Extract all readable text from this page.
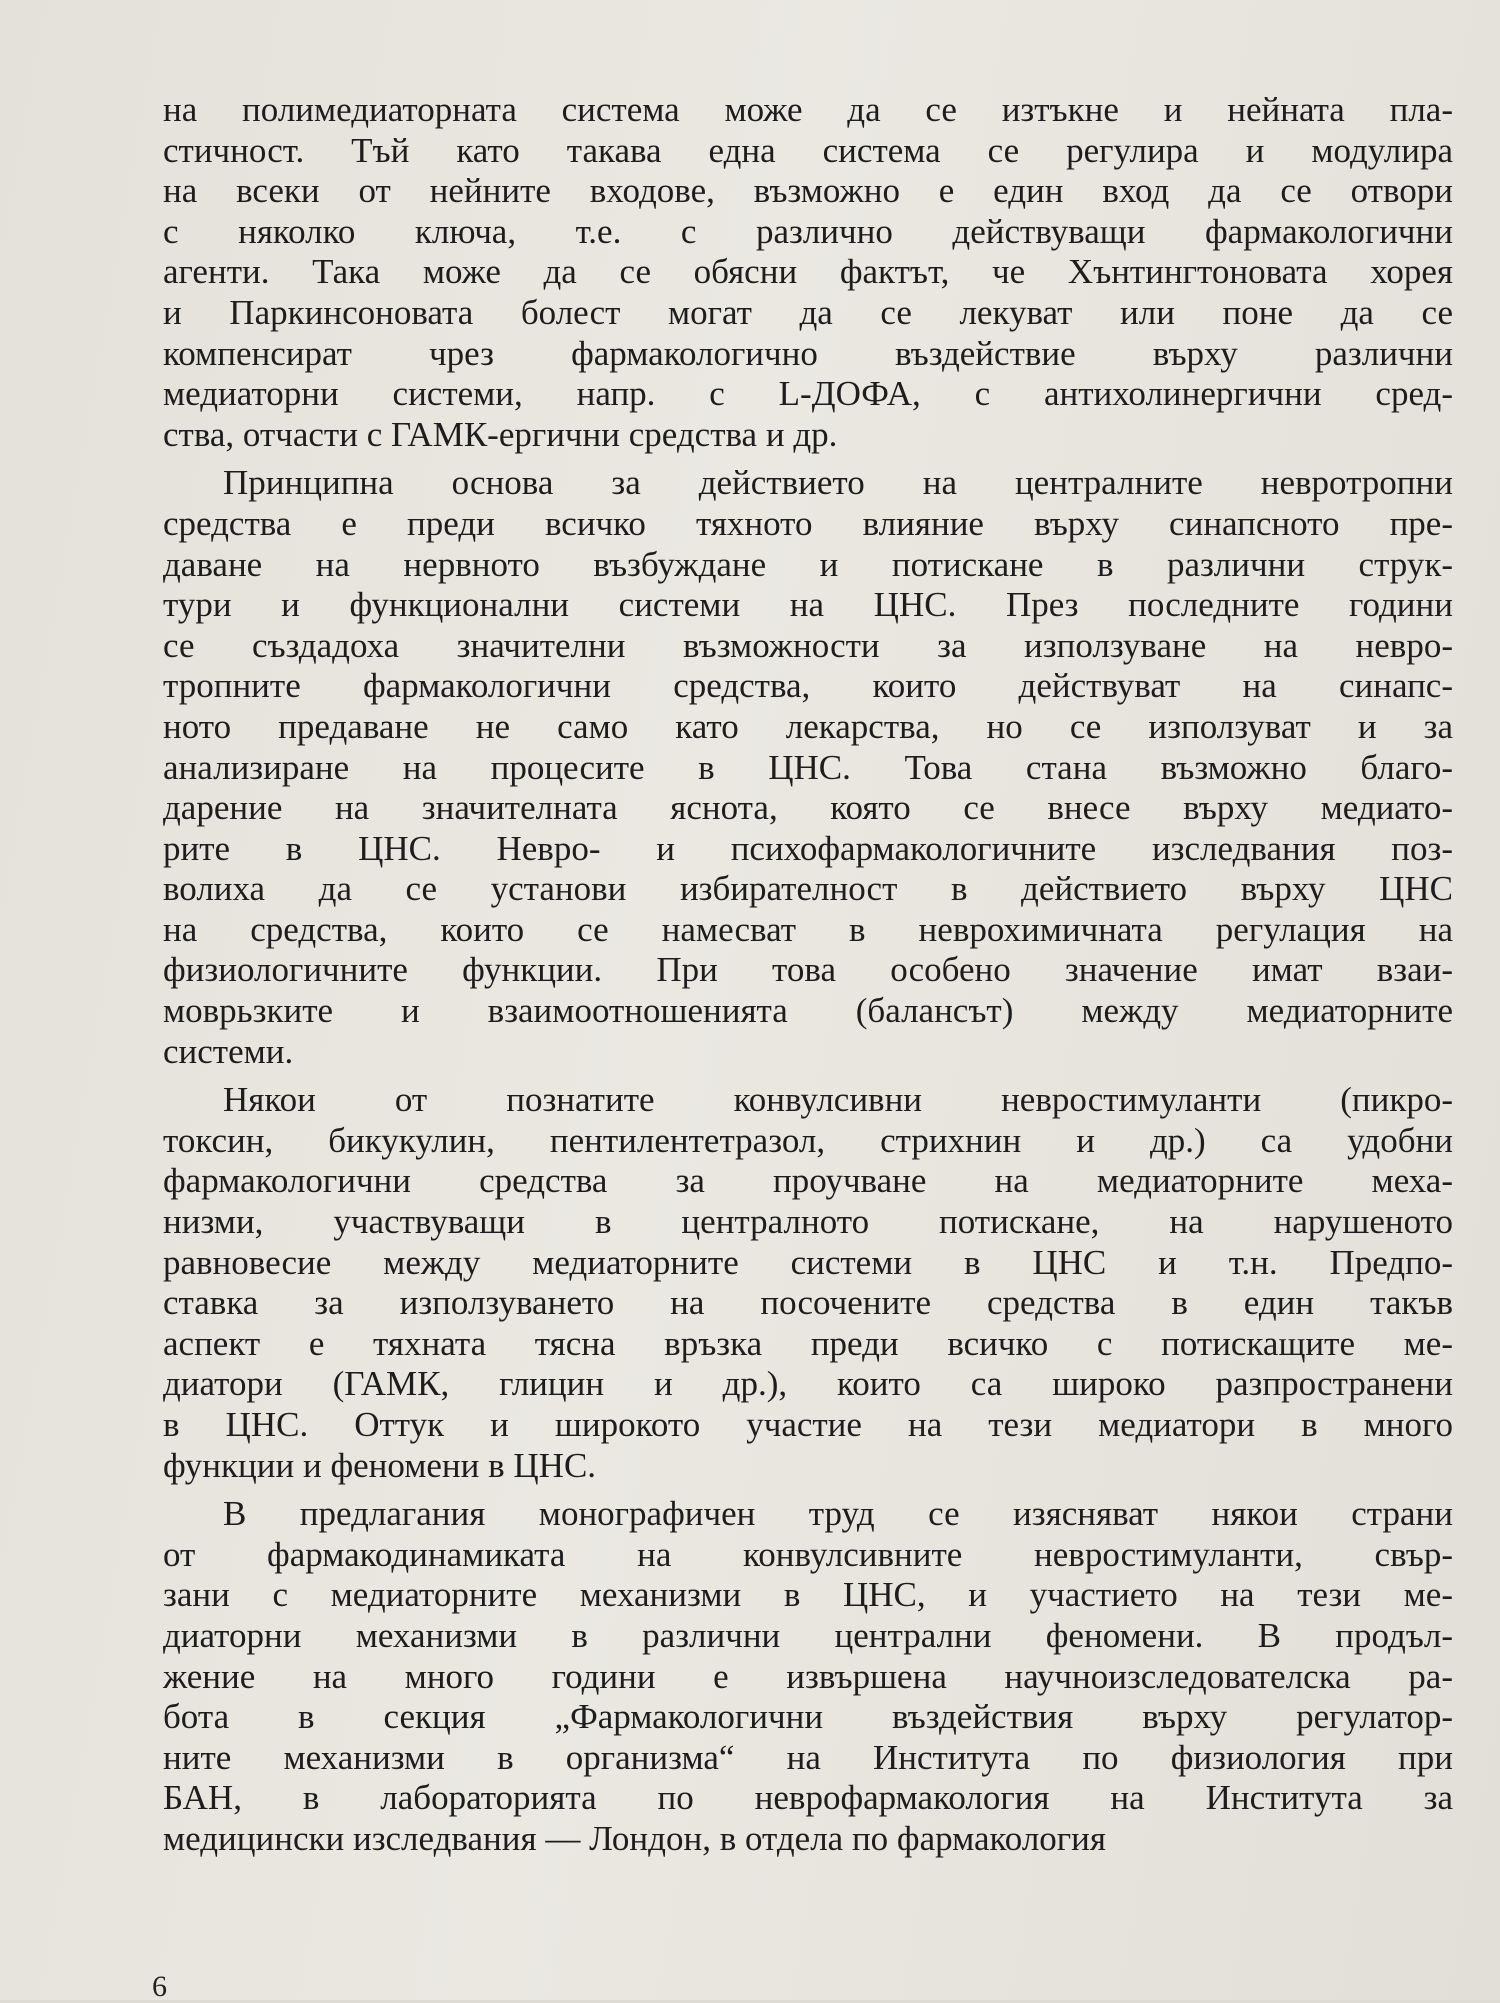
на полимедиаторната система може да се изтъкне и нейната пла-
стичност. Тъй като такава една система се регулира и модулира
на всеки от нейните входове, възможно е един вход да се отвори
с няколко ключа, т.е. с различно действуващи фармакологични
агенти. Така може да се обясни фактът, че Хънтингтоновата хорея
и Паркинсоновата болест могат да се лекуват или поне да се
компенсират чрез фармакологично въздействие върху различни
медиаторни системи, напр. с L-ДОФА, с антихолинергични сред-
ства, отчасти с ГАМК-ергични средства и др.
Принципна основа за действието на централните невротропни
средства е преди всичко тяхното влияние върху синапсното пре-
даване на нервното възбуждане и потискане в различни струк-
тури и функционални системи на ЦНС. През последните години
се създадоха значителни възможности за използуване на невро-
тропните фармакологични средства, които действуват на синапс-
ното предаване не само като лекарства, но се използуват и за
анализиране на процесите в ЦНС. Това стана възможно благо-
дарение на значителната яснота, която се внесе върху медиато-
рите в ЦНС. Невро- и психофармакологичните изследвания поз-
волиха да се установи избирателност в действието върху ЦНС
на средства, които се намесват в неврохимичната регулация на
физиологичните функции. При това особено значение имат взаи-
моврьзките и взаимоотношенията (балансът) между медиаторните
системи.
Някои от познатите конвулсивни невростимуланти (пикро-
токсин, бикукулин, пентилентетразол, стрихнин и др.) са удобни
фармакологични средства за проучване на медиаторните меха-
низми, участвуващи в централното потискане, на нарушеното
равновесие между медиаторните системи в ЦНС и т.н. Предпо-
ставка за използуването на посочените средства в един такъв
аспект е тяхната тясна връзка преди всичко с потискащите ме-
диатори (ГАМК, глицин и др.), които са широко разпространени
в ЦНС. Оттук и широкото участие на тези медиатори в много
функции и феномени в ЦНС.
В предлагания монографичен труд се изясняват някои страни
от фармакодинамиката на конвулсивните невростимуланти, свър-
зани с медиаторните механизми в ЦНС, и участието на тези ме-
диаторни механизми в различни централни феномени. В продъл-
жение на много години е извършена научноизследователска ра-
бота в секция „Фармакологични въздействия върху регулатор-
ните механизми в организма“ на Института по физиология при
БАН, в лабораторията по неврофармакология на Института за
медицински изследвания — Лондон, в отдела по фармакология
6
